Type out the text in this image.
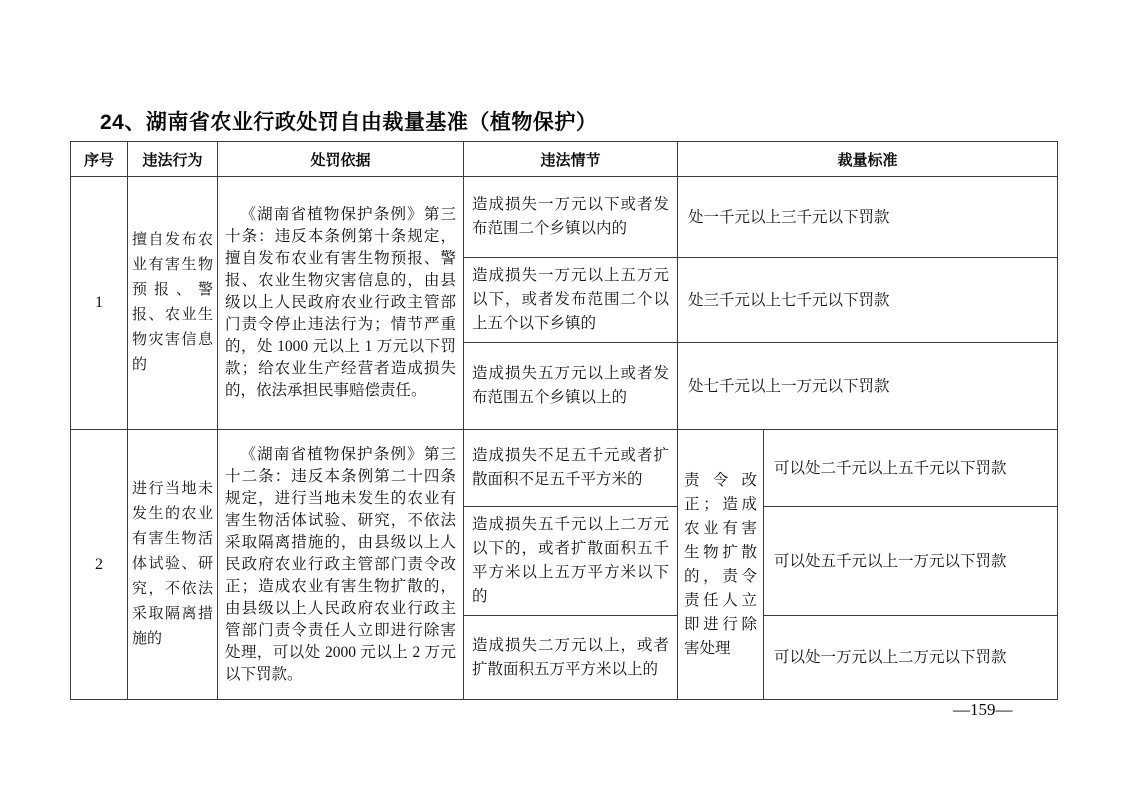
24、湖南省农业行政处罚自由裁量基准（植物保护）
序号	违法行为	处罚依据	违法情节	裁量标准	
1	擅自发布农业有害生物预报、警报、农业生物灾害信息的	《湖南省植物保护条例》第三十条：违反本条例第十条规定，擅自发布农业有害生物预报、警报、农业生物灾害信息的，由县级以上人民政府农业行政主管部门责令停止违法行为；情节严重的，处 1000 元以上 1 万元以下罚款；给农业生产经营者造成损失的，依法承担民事赔偿责任。	造成损失一万元以下或者发布范围二个乡镇以内的	处一千元以上三千元以下罚款	
			造成损失一万元以上五万元以下，或者发布范围二个以上五个以下乡镇的	处三千元以上七千元以下罚款	
			造成损失五万元以上或者发布范围五个乡镇以上的	处七千元以上一万元以下罚款	
2	进行当地未发生的农业有害生物活体试验、研究，不依法采取隔离措施的	《湖南省植物保护条例》第三十二条：违反本条例第二十四条规定，进行当地未发生的农业有害生物活体试验、研究，不依法采取隔离措施的，由县级以上人民政府农业行政主管部门责令改正；造成农业有害生物扩散的，由县级以上人民政府农业行政主管部门责令责任人立即进行除害处理，可以处 2000 元以上 2 万元以下罚款。	造成损失不足五千元或者扩散面积不足五千平方米的	责令改正；造成农业有害生物扩散的，责令责任人立即进行除害处理	可以处二千元以上五千元以下罚款
			造成损失五千元以上二万元以下的，或者扩散面积五千平方米以上五万平方米以下的		可以处五千元以上一万元以下罚款
			造成损失二万元以上，或者扩散面积五万平方米以上的		可以处一万元以上二万元以下罚款
—159—
